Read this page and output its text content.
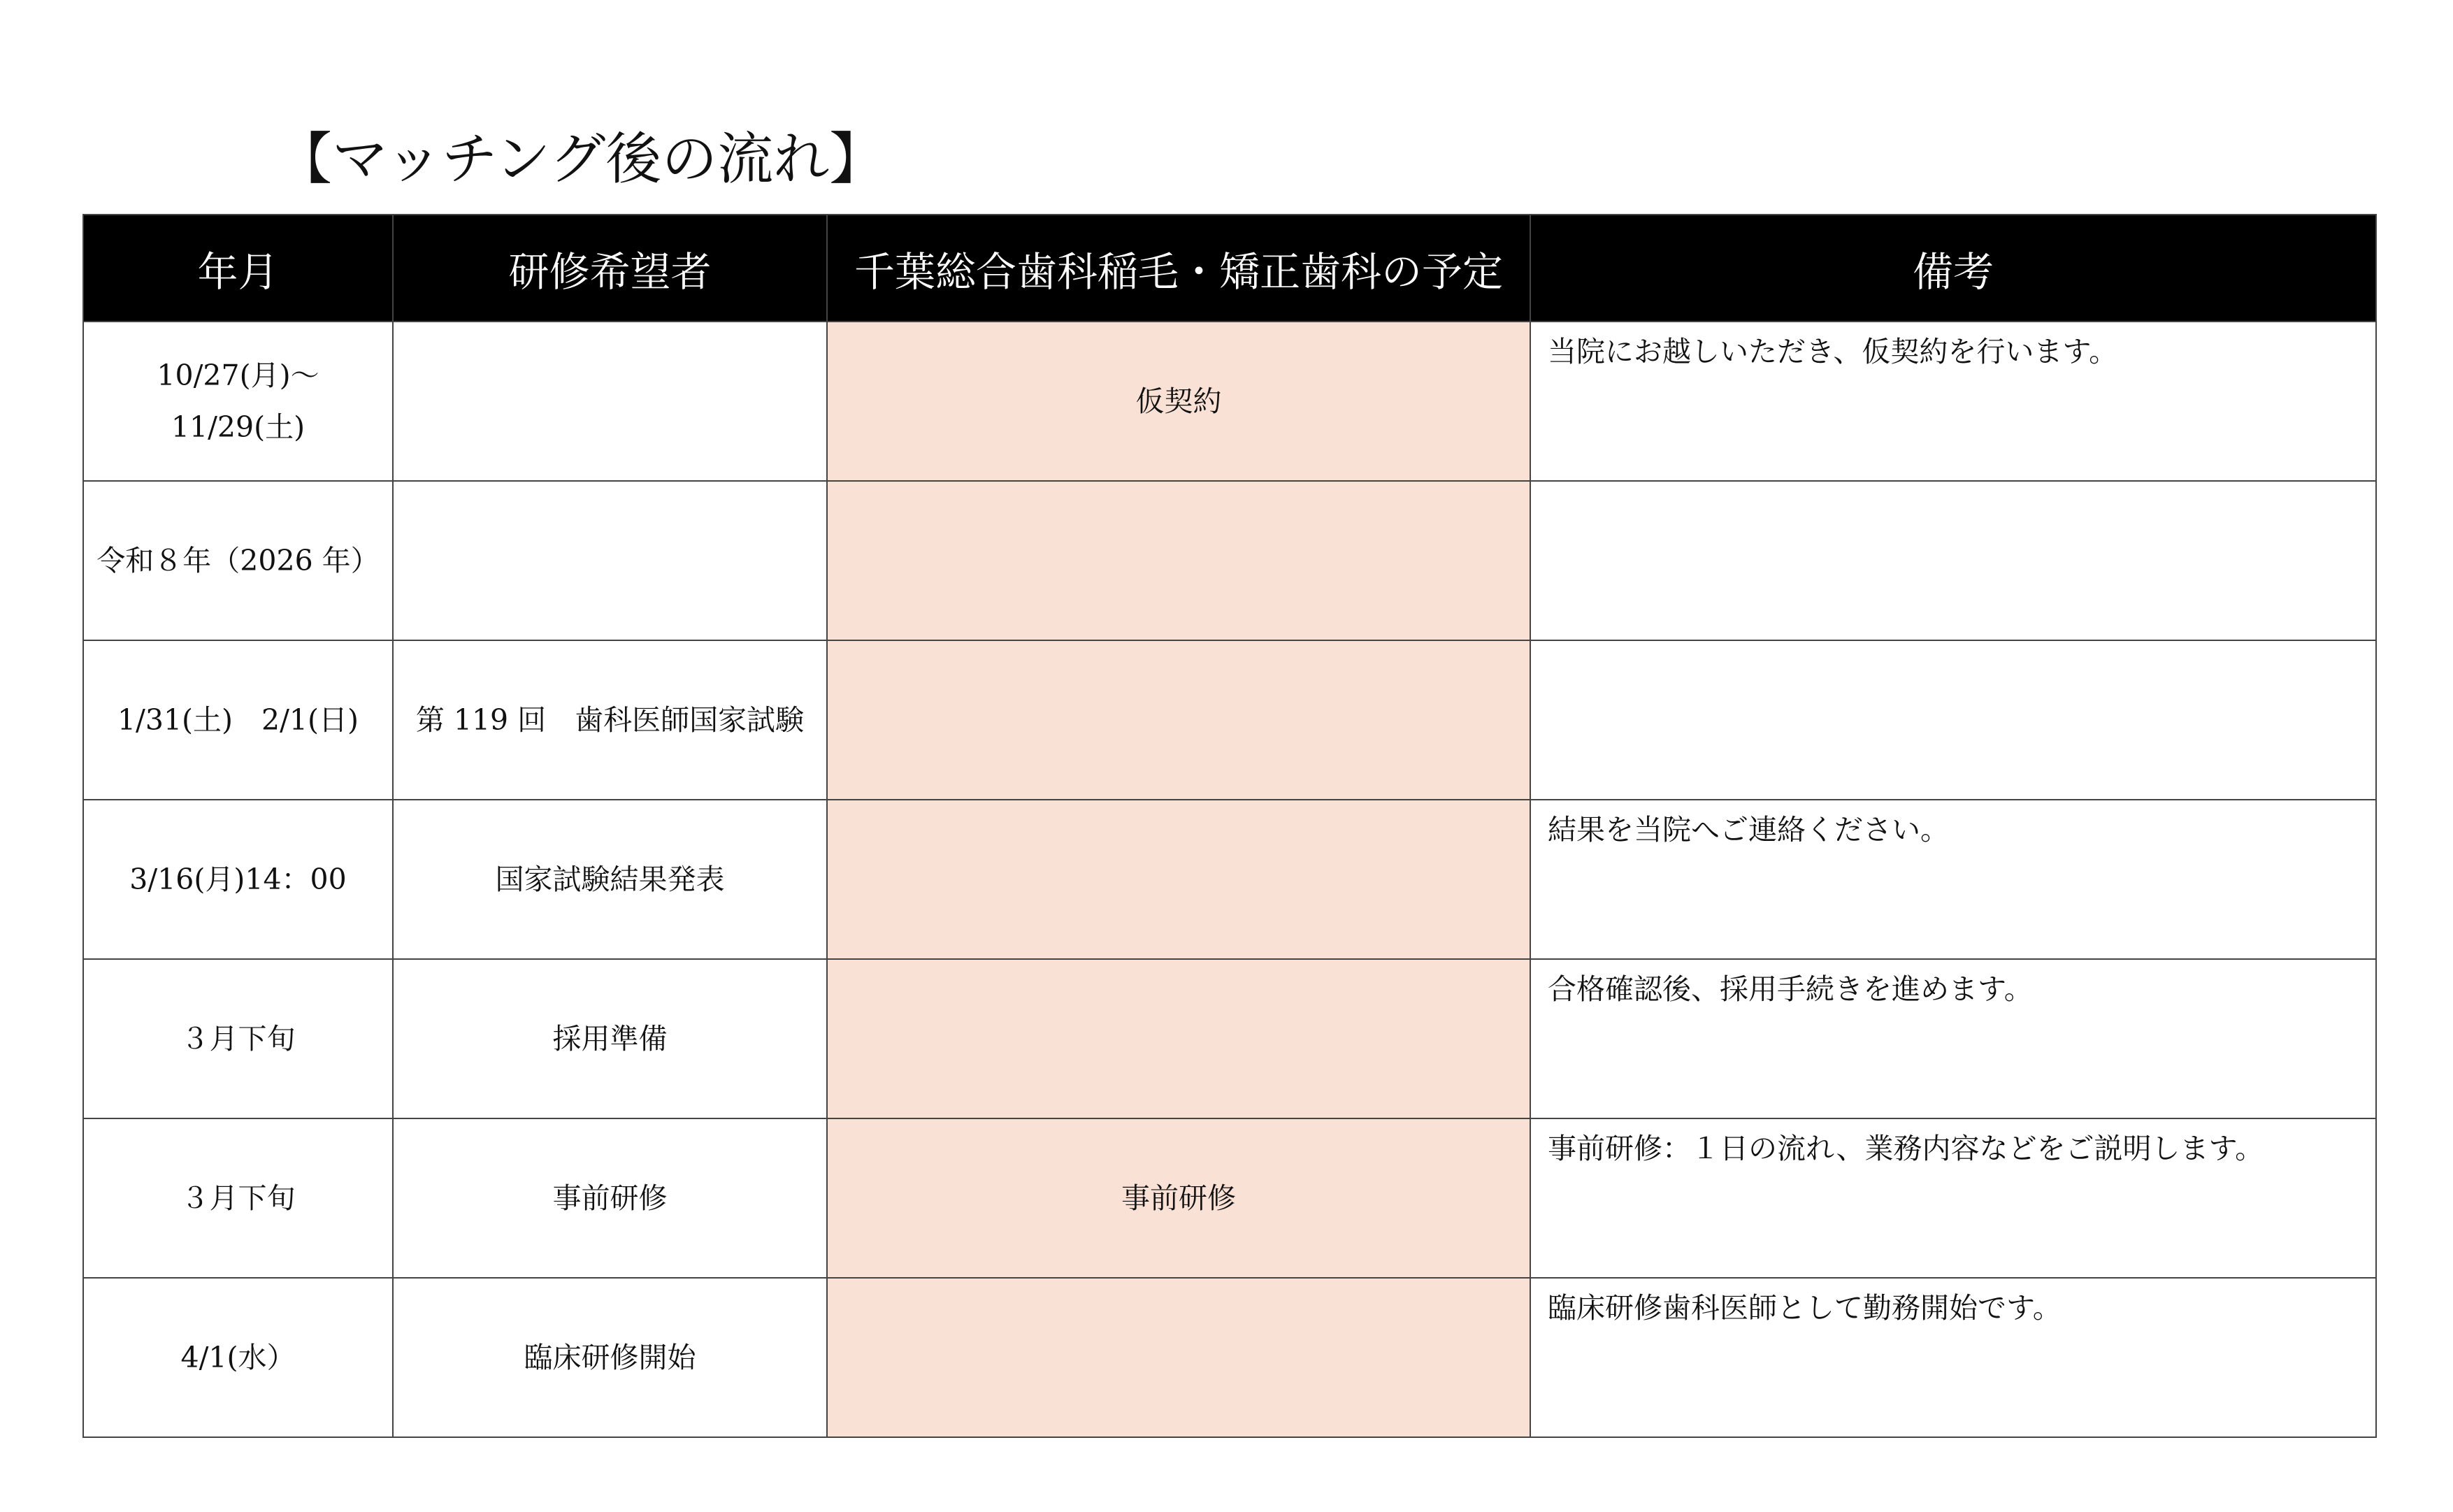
【マッチング後の流れ】
年月	研修希望者	千葉総合歯科稲毛・矯正歯科の予定	備考

10/27(月)～
11/29(土)		仮契約	当院にお越しいただき、仮契約を行います。
令和８年（2026 年）			
1/31(土)　2/1(日)	第 119 回　歯科医師国家試験		
3/16(月)14：00	国家試験結果発表		結果を当院へご連絡ください。
３月下旬	採用準備		合格確認後、採用手続きを進めます。
３月下旬	事前研修	事前研修	事前研修：１日の流れ、業務内容などをご説明します。
4/1(水）	臨床研修開始		臨床研修歯科医師として勤務開始です。
